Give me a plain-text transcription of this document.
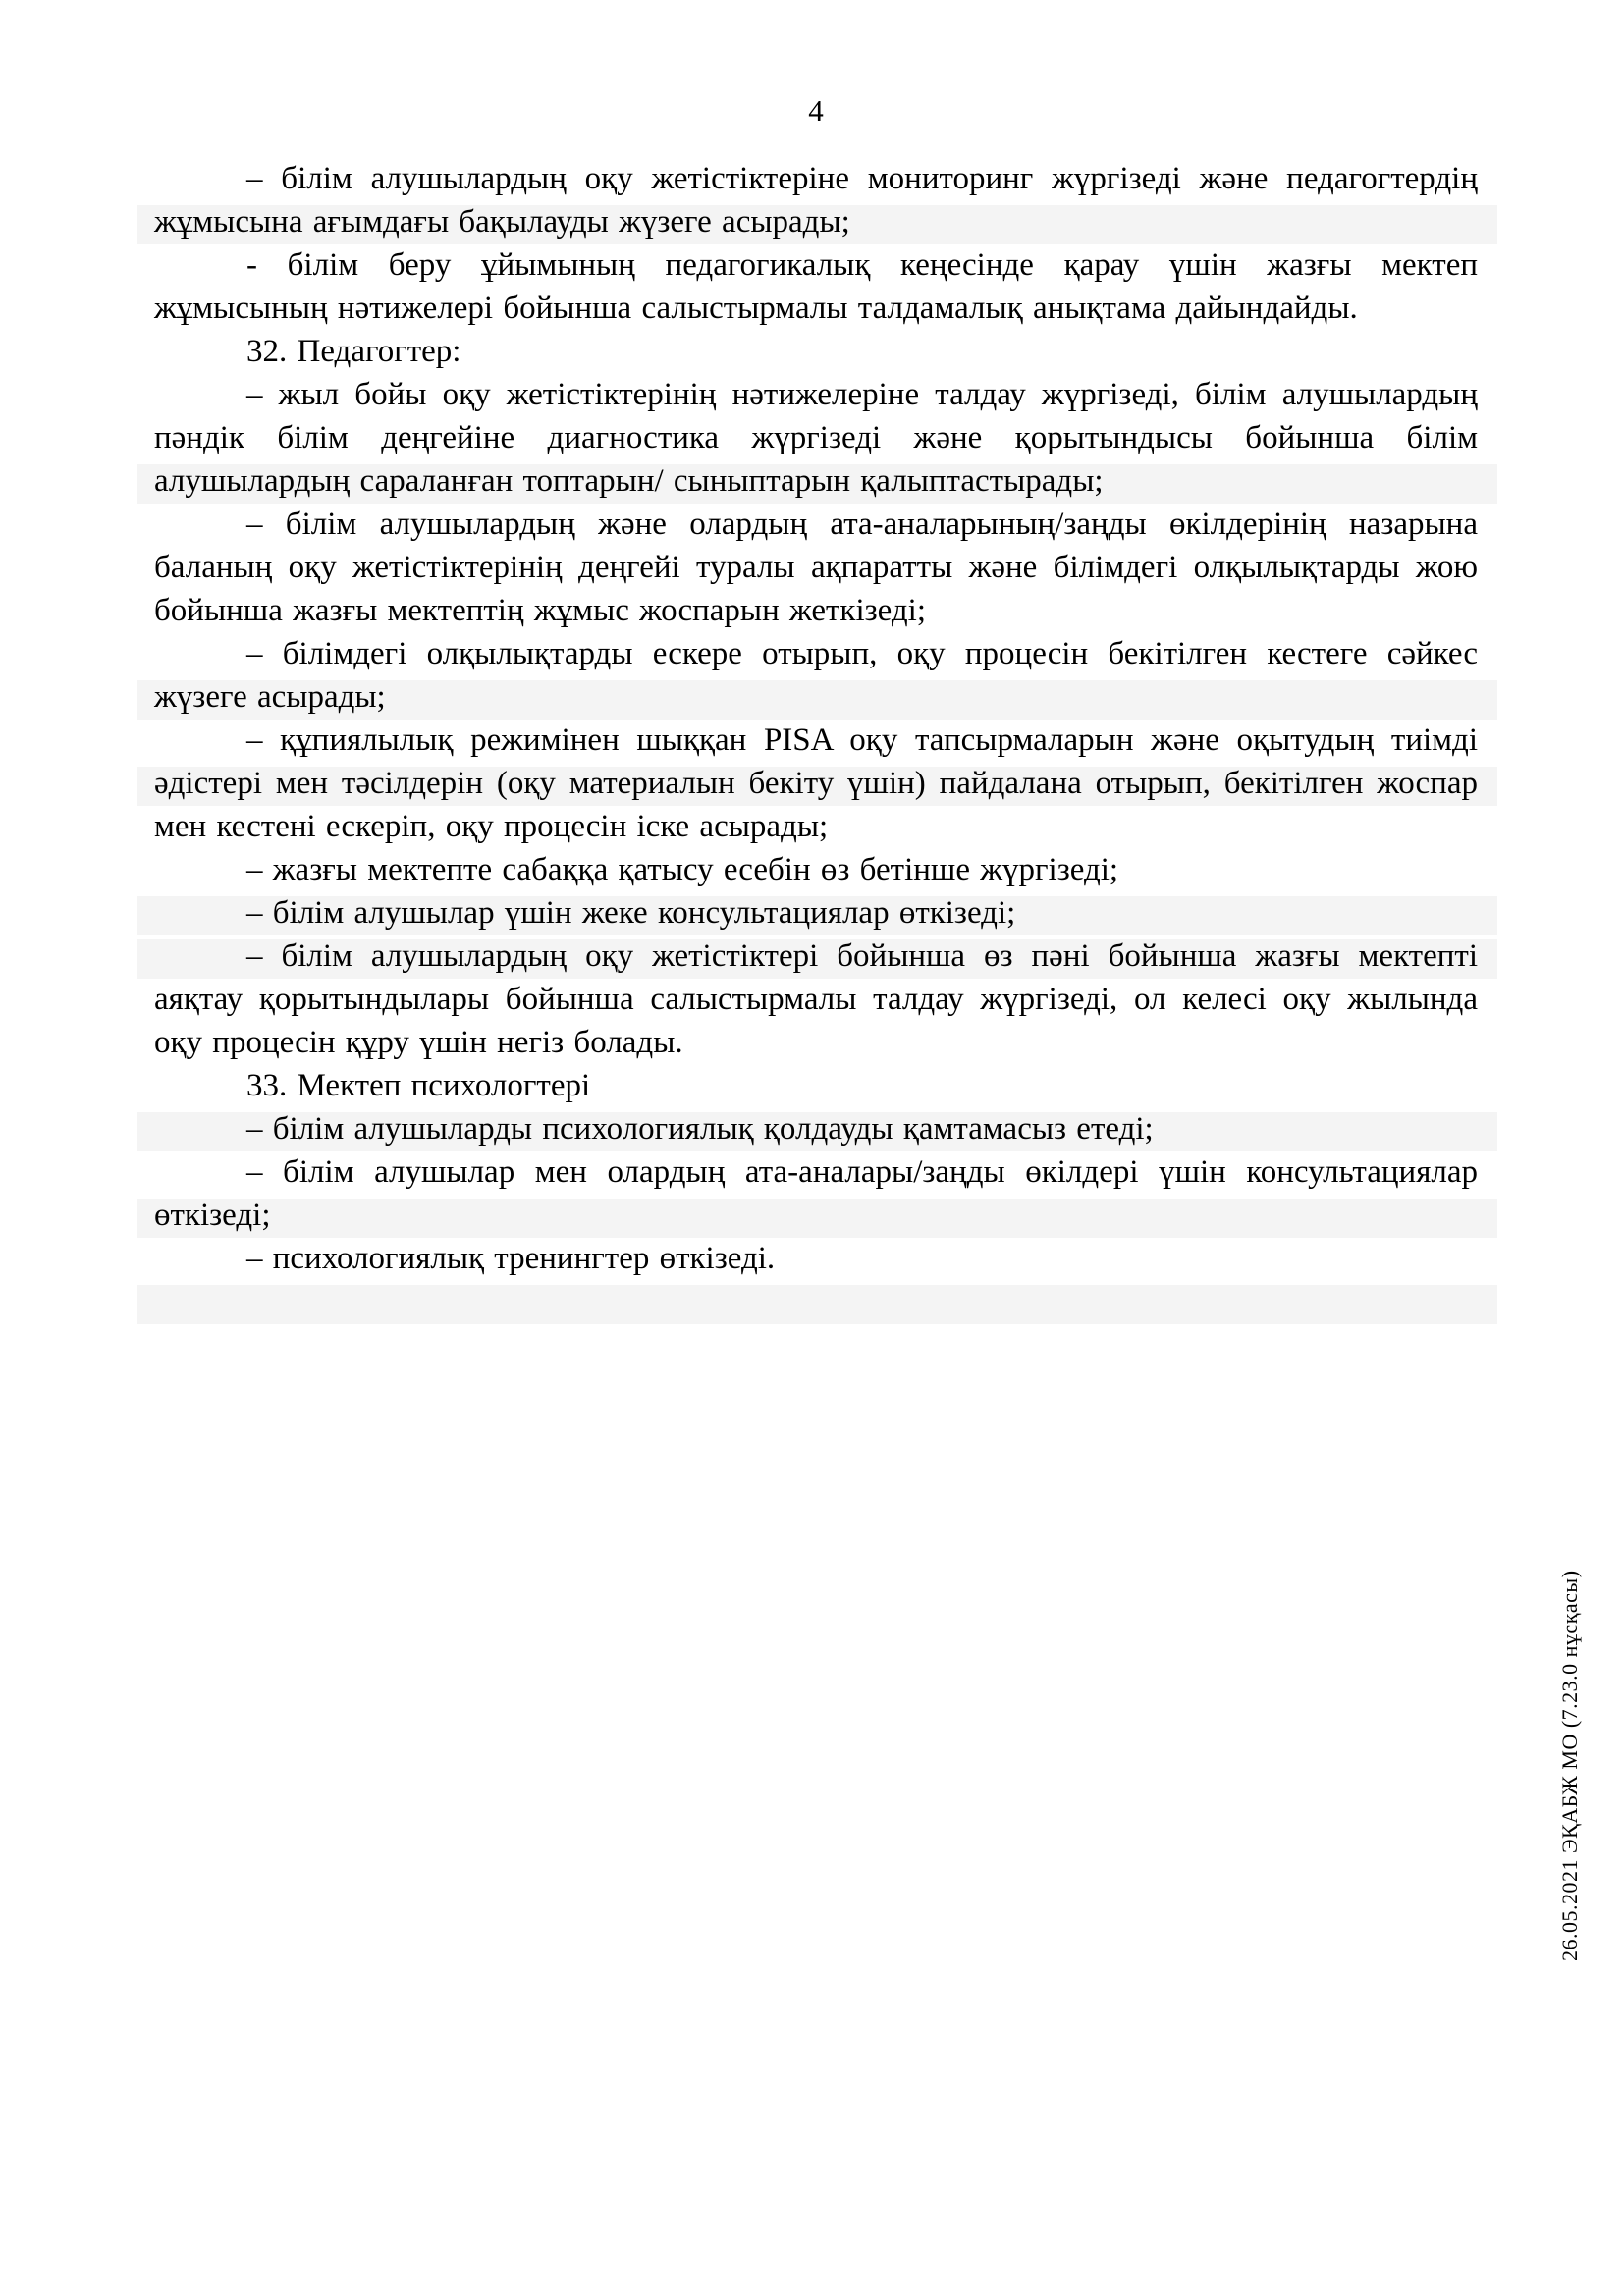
4

– білім алушылардың оқу жетістіктеріне мониторинг жүргізеді және педагогтердің жұмысына ағымдағы бақылауды жүзеге асырады;

- білім беру ұйымының педагогикалық кеңесінде қарау үшін жазғы мектеп жұмысының нәтижелері бойынша салыстырмалы талдамалық анықтама дайындайды.

32. Педагогтер:

– жыл бойы оқу жетістіктерінің нәтижелеріне талдау жүргізеді, білім алушылардың пәндік білім деңгейіне диагностика жүргізеді және қорытындысы бойынша білім алушылардың сараланған топтарын/ сыныптарын қалыптастырады;

– білім алушылардың және олардың ата-аналарының/заңды өкілдерінің назарына баланың оқу жетістіктерінің деңгейі туралы ақпаратты және білімдегі олқылықтарды жою бойынша жазғы мектептің жұмыс жоспарын жеткізеді;

– білімдегі олқылықтарды ескере отырып, оқу процесін бекітілген кестеге сәйкес жүзеге асырады;

– құпиялылық режимінен шыққан PISA оқу тапсырмаларын және оқытудың тиімді әдістері мен тәсілдерін (оқу материалын бекіту үшін) пайдалана отырып, бекітілген жоспар мен кестені ескеріп, оқу процесін іске асырады;

– жазғы мектепте сабаққа қатысу есебін өз бетінше жүргізеді;

– білім алушылар үшін жеке консультациялар өткізеді;

– білім алушылардың оқу жетістіктері бойынша өз пәні бойынша жазғы мектепті аяқтау қорытындылары бойынша салыстырмалы талдау жүргізеді, ол келесі оқу жылында оқу процесін құру үшін негіз болады.

33. Мектеп психологтері

– білім алушыларды психологиялық қолдауды қамтамасыз етеді;

– білім алушылар мен олардың ата-аналары/заңды өкілдері үшін консультациялар өткізеді;

– психологиялық тренингтер өткізеді.

26.05.2021 ЭҚАБЖ МО (7.23.0 нұсқасы)
